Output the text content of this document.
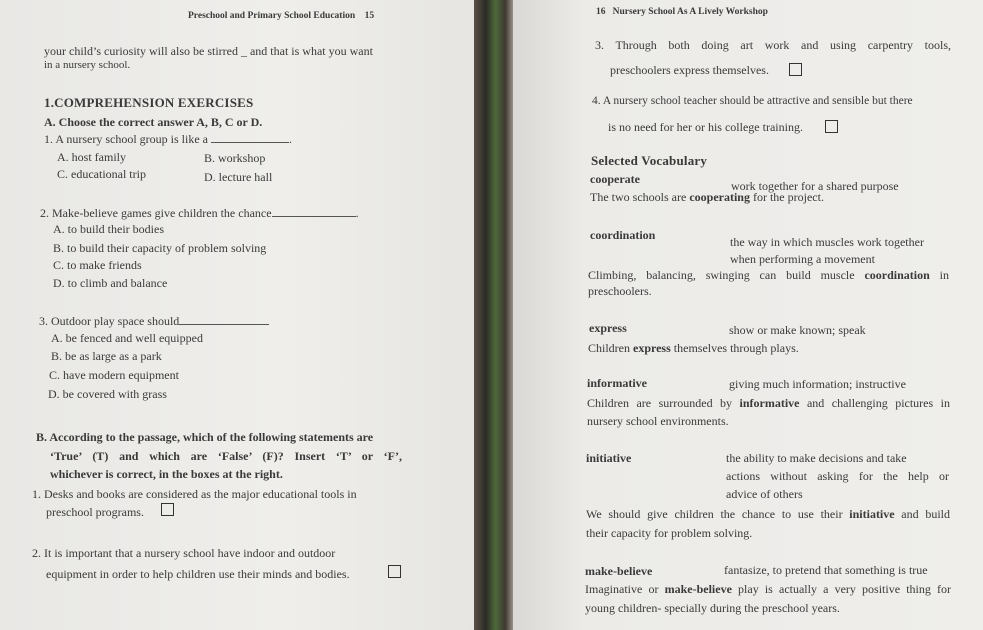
Preschool and Primary School Education 15
your child’s curiosity will also be stirred _ and that is what you want
in a nursery school.
1.COMPREHENSION EXERCISES
A. Choose the correct answer A, B, C or D.
1. A nursery school group is like a	.
A. host family	B. workshop
C. educational trip	D. lecture hall
2. Make-believe games give children the chance	.
A. to build their bodies
B. to build their capacity of problem solving
C. to make friends
D. to climb and balance
3. Outdoor play space should
A. be fenced and well equipped
B. be as large as a park
C. have modern equipment
D. be covered with grass
B. According to the passage, which of the following statements are
‘True’ (T) and which are ‘False’ (F)? Insert ‘T’ or ‘F’,
whichever is correct, in the boxes at the right.
1. Desks and books are considered as the major educational tools in
preschool programs.
2. It is important that a nursery school have indoor and outdoor
equipment in order to help children use their minds and bodies.
16 Nursery School As A Lively Workshop
3. Through both doing art work and using carpentry tools,
preschoolers express themselves.
4. A nursery school teacher should be attractive and sensible but there
is no need for her or his college training.
Selected Vocabulary
cooperate	work together for a shared purpose
The two schools are cooperating for the project.
coordination	the way in which muscles work together
when performing a movement
Climbing, balancing, swinging can build muscle coordination in
preschoolers.
express	show or make known; speak
Children express themselves through plays.
informative	giving much information; instructive
Children are surrounded by informative and challenging pictures in
nursery school environments.
initiative	the ability to make decisions and take
actions without asking for the help or
advice of others
We should give children the chance to use their initiative and build
their capacity for problem solving.
make-believe	fantasize, to pretend that something is true
Imaginative or make-believe play is actually a very positive thing for
young children- specially during the preschool years.
